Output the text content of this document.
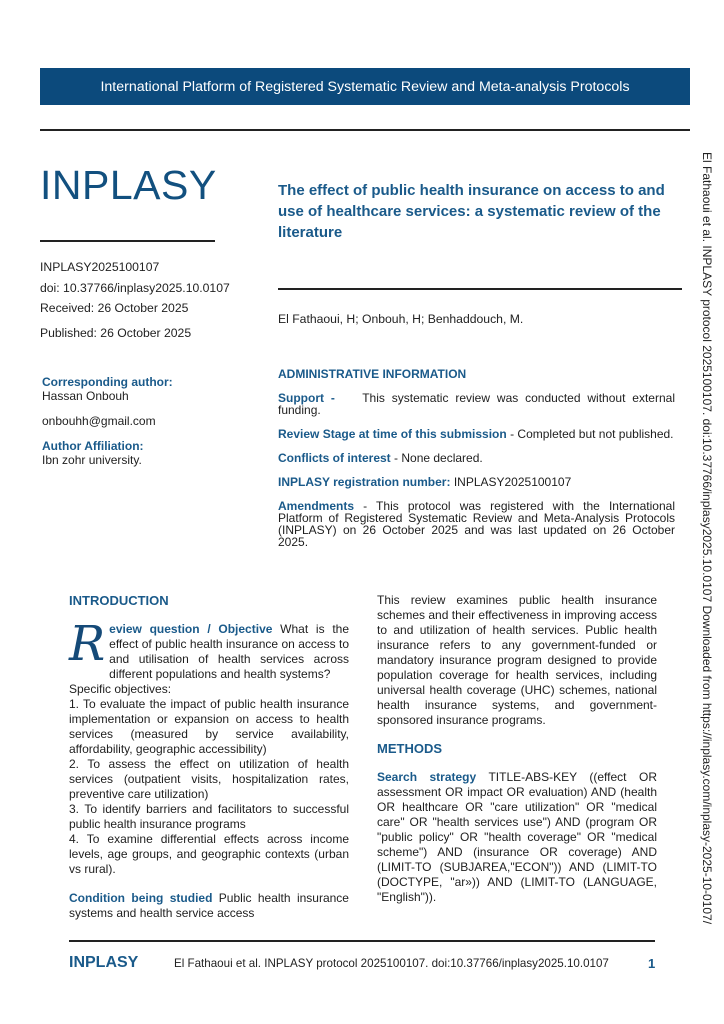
International Platform of Registered Systematic Review and Meta-analysis Protocols
INPLASY
INPLASY2025100107
doi: 10.37766/inplasy2025.10.0107
Received: 26 October 2025
Published: 26 October 2025
The effect of public health insurance on access to and use of healthcare services: a systematic review of the literature
El Fathaoui, H; Onbouh, H; Benhaddouch, M.
Corresponding author:
Hassan Onbouh
onbouhh@gmail.com
Author Affiliation:
Ibn zohr university.
ADMINISTRATIVE INFORMATION
Support - This systematic review was conducted without external funding.
Review Stage at time of this submission - Completed but not published.
Conflicts of interest - None declared.
INPLASY registration number: INPLASY2025100107
Amendments - This protocol was registered with the International Platform of Registered Systematic Review and Meta-Analysis Protocols (INPLASY) on 26 October 2025 and was last updated on 26 October 2025.
INTRODUCTION
Review question / Objective What is the effect of public health insurance on access to and utilisation of health services across different populations and health systems?
Specific objectives:
1. To evaluate the impact of public health insurance implementation or expansion on access to health services (measured by service availability, affordability, geographic accessibility)
2. To assess the effect on utilization of health services (outpatient visits, hospitalization rates, preventive care utilization)
3. To identify barriers and facilitators to successful public health insurance programs
4. To examine differential effects across income levels, age groups, and geographic contexts (urban vs rural).
Condition being studied Public health insurance systems and health service access
This review examines public health insurance schemes and their effectiveness in improving access to and utilization of health services. Public health insurance refers to any government-funded or mandatory insurance program designed to provide population coverage for health services, including universal health coverage (UHC) schemes, national health insurance systems, and government-sponsored insurance programs.
METHODS
Search strategy TITLE-ABS-KEY ((effect OR assessment OR impact OR evaluation) AND (health OR healthcare OR "care utilization" OR "medical care" OR "health services use") AND (program OR "public policy" OR "health coverage" OR "medical scheme") AND (insurance OR coverage) AND (LIMIT-TO (SUBJAREA,"ECON")) AND (LIMIT-TO (DOCTYPE, "ar»)) AND (LIMIT-TO (LANGUAGE, "English")).	El Fathaoui et al. INPLASY protocol 2025100107. doi:10.37766/inplasy2025.10.0107 Downloaded from https://inplasy.com/inplasy-2025-10-0107/
INPLASY	El Fathaoui et al. INPLASY protocol 2025100107. doi:10.37766/inplasy2025.10.0107	1
